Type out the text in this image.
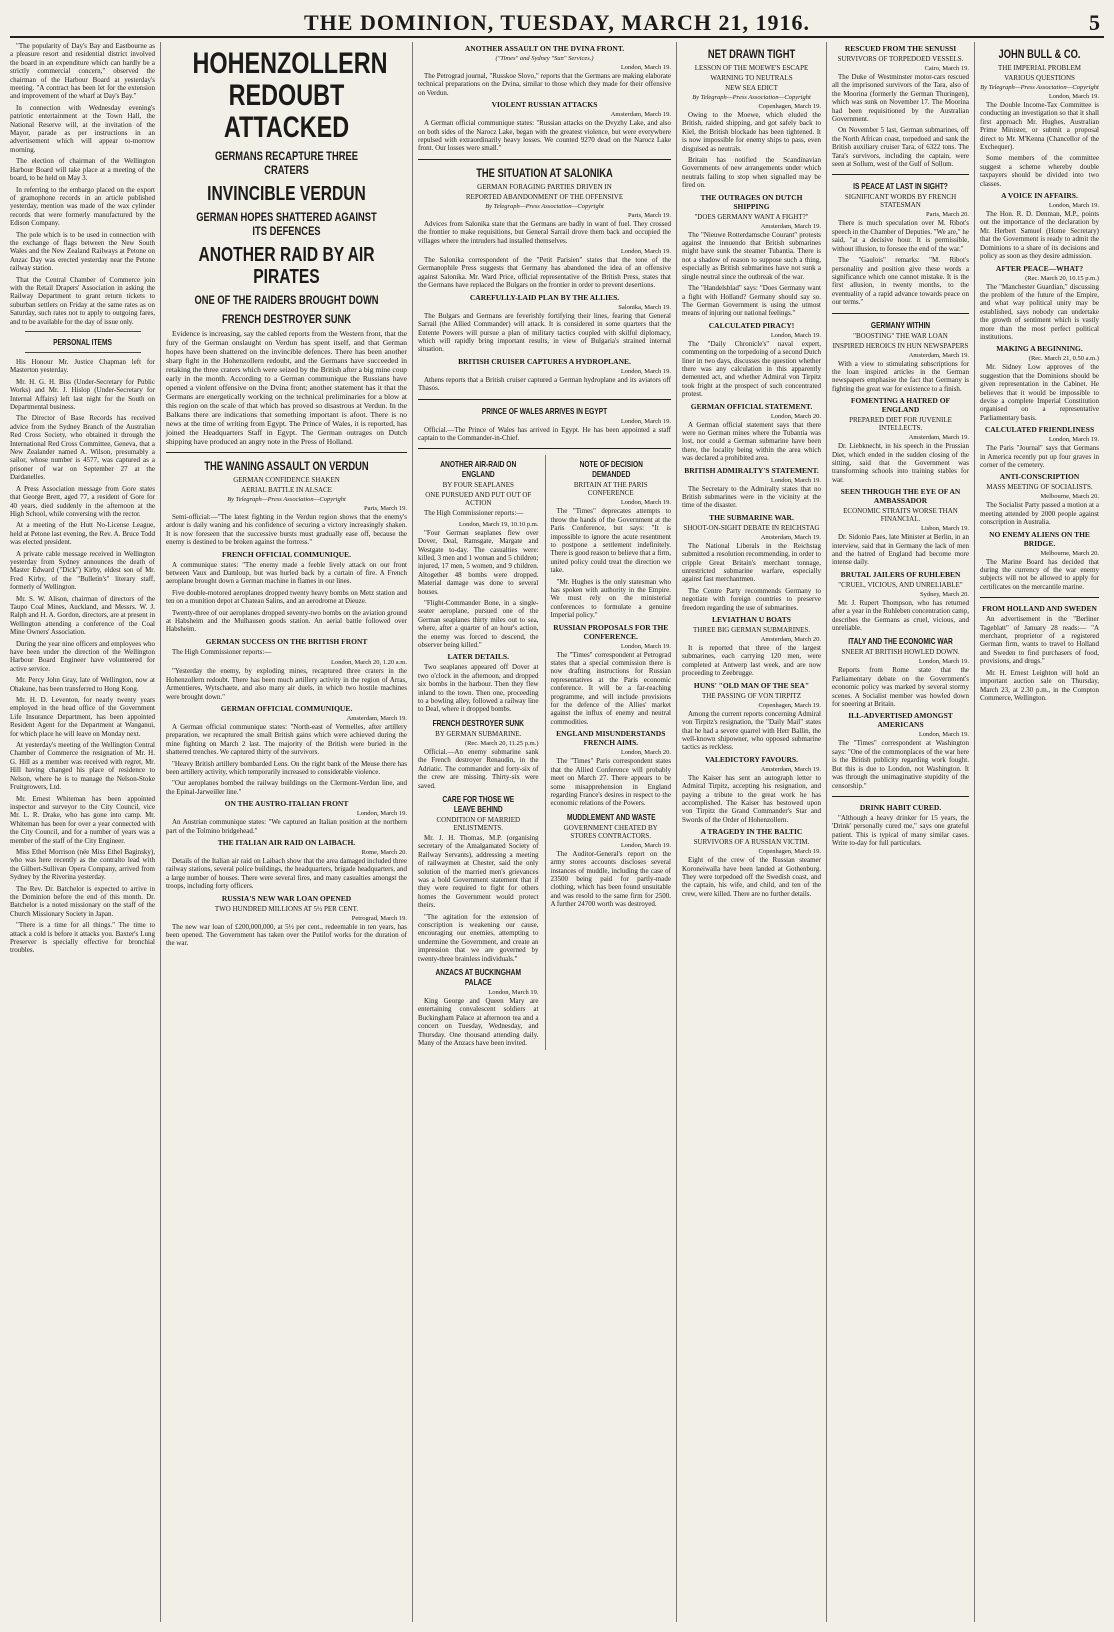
THE DOMINION, TUESDAY, MARCH 21, 1916.	5

"The popularity of Day's Bay and Eastbourne as a pleasure resort and residential district involved the board in an expenditure which can hardly be a strictly commercial concern," observed the chairman of the Harbour Board at yesterday's meeting. "A contract has been let for the extension and improvement of the wharf at Day's Bay."

In connection with Wednesday evening's patriotic entertainment at the Town Hall, the National Reserve will, at the invitation of the Mayor, parade as per instructions in an advertisement which will appear to-morrow morning.

The election of chairman of the Wellington Harbour Board will take place at a meeting of the board, to be held on May 3.

In referring to the embargo placed on the export of gramophone records in an article published yesterday, mention was made of the wax cylinder records that were formerly manufactured by the Edison Company.

The pole which is to be used in connection with the exchange of flags between the New South Wales and the New Zealand Railways at Petone on Anzac Day was erected yesterday near the Petone railway station.

That the Central Chamber of Commerce join with the Retail Drapers' Association in asking the Railway Department to grant return tickets to suburban settlers on Friday at the same rates as on Saturday, such rates not to apply to outgoing fares, and to be available for the day of issue only.

PERSONAL ITEMS

His Honour Mr. Justice Chapman left for Masterton yesterday.

Mr. H. G. H. Biss (Under-Secretary for Public Works) and Mr. J. Hislop (Under-Secretary for Internal Affairs) left last night for the South on Departmental business.

The Director of Base Records has received advice from the Sydney Branch of the Australian Red Cross Society, who obtained it through the International Red Cross Committee, Geneva, that a New Zealander named A. Wilson, presumably a sailor, whose number is 4577, was captured as a prisoner of war on September 27 at the Dardanelles.

A Press Association message from Gore states that George Brett, aged 77, a resident of Gore for 40 years, died suddenly in the afternoon at the High School, while conversing with the rector.

At a meeting of the Hutt No-License League, held at Petone last evening, the Rev. A. Bruce Todd was elected president.

A private cable message received in Wellington yesterday from Sydney announces the death of Master Edward ("Dick") Kirby, eldest son of Mr. Fred Kirby, of the "Bulletin's" literary staff, formerly of Wellington.

Mr. S. W. Alison, chairman of directors of the Taupo Coal Mines, Auckland, and Messrs. W. J. Ralph and H. A. Gordon, directors, are at present in Wellington attending a conference of the Coal Mine Owners' Association.

During the year nine officers and employees who have been under the direction of the Wellington Harbour Board Engineer have volunteered for active service.

Mr. Percy John Gray, late of Wellington, now at Ohakune, has been transferred to Hong Kong.

Mr. H. D. Leventon, for nearly twenty years employed in the head office of the Government Life Insurance Department, has been appointed Resident Agent for the Department at Wanganui, for which place he will leave on Monday next.

At yesterday's meeting of the Wellington Central Chamber of Commerce the resignation of Mr. H. G. Hill as a member was received with regret, Mr. Hill having changed his place of residence to Nelson, where he is to manage the Nelson-Stoke Fruitgrowers, Ltd.

Mr. Ernest Whiteman has been appointed inspector and surveyor to the City Council, vice Mr. L. R. Drake, who has gone into camp. Mr. Whiteman has been for over a year connected with the City Council, and for a number of years was a member of the staff of the City Engineer.

Miss Ethel Morrison (née Miss Ethel Baginsky), who was here recently as the contralto lead with the Gilbert-Sullivan Opera Company, arrived from Sydney by the Riverina yesterday.

The Rev. Dr. Batchelor is expected to arrive in the Dominion before the end of this month. Dr. Batchelor is a noted missionary on the staff of the Church Missionary Society in Japan.

"There is a time for all things." The time to attack a cold is before it attacks you. Baxter's Lung Preserver is specially effective for bronchial troubles.

HOHENZOLLERN REDOUBT ATTACKED
GERMANS RECAPTURE THREE CRATERS
INVINCIBLE VERDUN
GERMAN HOPES SHATTERED AGAINST ITS DEFENCES
ANOTHER RAID BY AIR PIRATES
ONE OF THE RAIDERS BROUGHT DOWN
FRENCH DESTROYER SUNK

Evidence is increasing, say the cabled reports from the Western front, that the fury of the German onslaught on Verdun has spent itself, and that German hopes have been shattered on the invincible defences. There has been another sharp fight in the Hohenzollern redoubt, and the Germans have succeeded in retaking the three craters which were seized by the British after a big mine coup early in the month. According to a German communique the Russians have opened a violent offensive on the Dvina front; another statement has it that the Germans are energetically working on the technical preliminaries for a blow at this region on the scale of that which has proved so disastrous at Verdun. In the Balkans there are indications that something important is afoot. There is no news at the time of writing from Egypt. The Prince of Wales, it is reported, has joined the Headquarters Staff in Egypt. The German outrages on Dutch shipping have produced an angry note in the Press of Holland.

THE WANING ASSAULT ON VERDUN
GERMAN CONFIDENCE SHAKEN
AERIAL BATTLE IN ALSACE
By Telegraph—Press Association—Copyright
Paris, March 19.

Semi-official:—"The latest fighting in the Verdun region shows that the enemy's ardour is daily waning and his confidence of securing a victory increasingly shaken. It is now foreseen that the successive bursts must gradually ease off, because the enemy is destined to be broken against the fortress."

FRENCH OFFICIAL COMMUNIQUE.

A communique states: "The enemy made a feeble lively attack on our front between Vaux and Damloup, but was hurled back by a curtain of fire. A French aeroplane brought down a German machine in flames in our lines.

Five double-motored aeroplanes dropped twenty heavy bombs on Metz station and ten on a munition depot at Chateau Salins, and an aerodrome at Dieuze.

Twenty-three of our aeroplanes dropped seventy-two bombs on the aviation ground at Habsheim and the Mulhausen goods station. An aerial battle followed over Habsheim.

GERMAN SUCCESS ON THE BRITISH FRONT

The High Commissioner reports:—

London, March 20, 1.20 a.m.

"Yesterday the enemy, by exploding mines, recaptured three craters in the Hohenzollern redoubt. There has been much artillery activity in the region of Arras, Armentieres, Wytschaete, and also many air duels, in which two hostile machines were brought down."

GERMAN OFFICIAL COMMUNIQUE.
Amsterdam, March 19.

A German official communique states: "North-east of Vermelles, after artillery preparation, we recaptured the small British gains which were achieved during the mine fighting on March 2 last. The majority of the British were buried in the shattered trenches. We captured thirty of the survivors.

"Heavy British artillery bombarded Lens. On the right bank of the Meuse there has been artillery activity, which temporarily increased to considerable violence.

"Our aeroplanes bombed the railway buildings on the Clermont-Verdun line, and the Epinal-Jarweiller line."

ON THE AUSTRO-ITALIAN FRONT
London, March 19.

An Austrian communique states: "We captured an Italian position at the northern part of the Tolmino bridgehead."

THE ITALIAN AIR RAID ON LAIBACH.
Rome, March 20.

Details of the Italian air raid on Laibach show that the area damaged included three railway stations, several police buildings, the headquarters, brigade headquarters, and a large number of houses. There were several fires, and many casualties amongst the troops, including forty officers.

RUSSIA'S NEW WAR LOAN OPENED
TWO HUNDRED MILLIONS AT 5½ PER CENT.
Petrograd, March 19.

The new war loan of £200,000,000, at 5½ per cent., redeemable in ten years, has been opened. The Government has taken over the Putilof works for the duration of the war.

ANOTHER ASSAULT ON THE DVINA FRONT.
("Times" and Sydney "Sun" Services.)
London, March 19.

The Petrograd journal, "Russkoe Slovo," reports that the Germans are making elaborate technical preparations on the Dvina, similar to those which they made for their offensive on Verdun.

VIOLENT RUSSIAN ATTACKS
Amsterdam, March 19.

A German official communique states: "Russian attacks on the Dvyzhy Lake, and also on both sides of the Narocz Lake, began with the greatest violence, but were everywhere repulsed with extraordinarily heavy losses. We counted 9270 dead on the Narocz Lake front. Our losses were small."

THE SITUATION AT SALONIKA
GERMAN FORAGING PARTIES DRIVEN IN
REPORTED ABANDONMENT OF THE OFFENSIVE
By Telegraph—Press Association—Copyright
Paris, March 19.

Advices from Salonika state that the Germans are badly in want of fuel. They crossed the frontier to make requisitions, but General Sarrail drove them back and occupied the villages where the intruders had installed themselves.

London, March 19.

The Salonika correspondent of the "Petit Parisien" states that the tone of the Germanophile Press suggests that Germany has abandoned the idea of an offensive against Salonika. Mr. Ward Price, official representative of the British Press, states that the Germans have replaced the Bulgars on the frontier in order to prevent desertions.

CAREFULLY-LAID PLAN BY THE ALLIES.
Salonika, March 19.

The Bulgars and Germans are feverishly fortifying their lines, fearing that General Sarrail (the Allied Commander) will attack. It is considered in some quarters that the Entente Powers will pursue a plan of military tactics coupled with skilful diplomacy, which will rapidly bring important results, in view of Bulgaria's strained internal situation.

BRITISH CRUISER CAPTURES A HYDROPLANE.
London, March 19.

Athens reports that a British cruiser captured a German hydroplane and its aviators off Thasos.

PRINCE OF WALES ARRIVES IN EGYPT
London, March 19.

Official.—The Prince of Wales has arrived in Egypt. He has been appointed a staff captain to the Commander-in-Chief.

ANOTHER AIR-RAID ON ENGLAND
BY FOUR SEAPLANES
ONE PURSUED AND PUT OUT OF ACTION

The High Commissioner reports:—

London, March 19, 10.10 p.m.

"Four German seaplanes flew over Dover, Deal, Ramsgate, Margate and Westgate to-day. The casualties were: killed, 3 men and 1 woman and 5 children; injured, 17 men, 5 women, and 9 children. Altogether 48 bombs were dropped. Material damage was done to several houses.

"Flight-Commander Bone, in a single-seater aeroplane, pursued one of the German seaplanes thirty miles out to sea, where, after a quarter of an hour's action, the enemy was forced to descend, the observer being killed."

LATER DETAILS.

Two seaplanes appeared off Dover at two o'clock in the afternoon, and dropped six bombs in the harbour. Then they flew inland to the town. Then one, proceeding to a bowling alley, followed a railway line to Deal, where it dropped bombs.

FRENCH DESTROYER SUNK
BY GERMAN SUBMARINE.
(Rec. March 20, 11.25 p.m.)

Official.—An enemy submarine sank the French destroyer Renaudin, in the Adriatic. The commander and forty-six of the crew are missing. Thirty-six were saved.

CARE FOR THOSE WE LEAVE BEHIND
CONDITION OF MARRIED ENLISTMENTS.

Mr. J. H. Thomas, M.P. (organising secretary of the Amalgamated Society of Railway Servants), addressing a meeting of railwaymen at Chester, said the only solution of the married men's grievances was a bold Government statement that if they were required to fight for others homes the Government would protect theirs.

"The agitation for the extension of conscription is weakening our cause, encouraging our enemies, attempting to undermine the Government, and create an impression that we are governed by twenty-three brainless individuals."

ANZACS AT BUCKINGHAM PALACE
London, March 19.

King George and Queen Mary are entertaining convalescent soldiers at Buckingham Palace at afternoon tea and a concert on Tuesday, Wednesday, and Thursday. One thousand attending daily. Many of the Anzacs have been invited.

NOTE OF DECISION DEMANDED
BRITAIN AT THE PARIS CONFERENCE
London, March 19.

The "Times" deprecates attempts to throw the hands of the Government at the Paris Conference, but says: "It is impossible to ignore the acute resentment to postpone a settlement indefinitely. There is good reason to believe that a firm, united policy could treat the direction we take.

"Mr. Hughes is the only statesman who has spoken with authority in the Empire. We must rely on the ministerial conferences to formulate a genuine Imperial policy."

RUSSIAN PROPOSALS FOR THE CONFERENCE.
London, March 19.

The "Times" correspondent at Petrograd states that a special commission there is now drafting instructions for Russian representatives at the Paris economic conference. It will be a far-reaching programme, and will include provisions for the defence of the Allies' market against the influx of enemy and neutral commodities.

ENGLAND MISUNDERSTANDS FRENCH AIMS.
London, March 20.

The "Times" Paris correspondent states that the Allied Conference will probably meet on March 27. There appears to be some misapprehension in England regarding France's desires in respect to the economic relations of the Powers.

MUDDLEMENT AND WASTE
GOVERNMENT CHEATED BY STORES CONTRACTORS.
London, March 19.

The Auditor-General's report on the army stores accounts discloses several instances of muddle, including the case of 23500 being paid for partly-made clothing, which has been found unsuitable and was resold to the same firm for 2500. A further 24700 worth was destroyed.

NET DRAWN TIGHT
LESSON OF THE MOEWE'S ESCAPE
WARNING TO NEUTRALS
NEW SEA EDICT
By Telegraph—Press Association—Copyright
Copenhagen, March 19.

Owing to the Moewe, which eluded the British, raided shipping, and got safely back to Kiel, the British blockade has been tightened. It is now impossible for enemy ships to pass, even disguised as neutrals.

Britain has notified the Scandinavian Governments of new arrangements under which neutrals failing to stop when signalled may be fired on.

THE OUTRAGES ON DUTCH SHIPPING
"DOES GERMANY WANT A FIGHT?"
Amsterdam, March 19.

The "Nieuwe Rotterdamsche Courant" protests against the innuendo that British submarines might have sunk the steamer Tubantia. There is not a shadow of reason to suppose such a thing, especially as British submarines have not sunk a single neutral since the outbreak of the war.

The "Handelsblad" says: "Does Germany want a fight with Holland? Germany should say so. The German Government is using the utmost means of injuring our national feelings."

CALCULATED PIRACY!
London, March 19.

The "Daily Chronicle's" naval expert, commenting on the torpedoing of a second Dutch liner in two days, discusses the question whether there was any calculation in this apparently demented act, and whether Admiral von Tirpitz took fright at the prospect of such concentrated protest.

GERMAN OFFICIAL STATEMENT.
London, March 20.

A German official statement says that there were no German mines where the Tubantia was lost, nor could a German submarine have been there, the locality being within the area which was declared a prohibited area.

BRITISH ADMIRALTY'S STATEMENT.
London, March 19.

The Secretary to the Admiralty states that no British submarines were in the vicinity at the time of the disaster.

THE SUBMARINE WAR.
SHOOT-ON-SIGHT DEBATE IN REICHSTAG
Amsterdam, March 19.

The National Liberals in the Reichstag submitted a resolution recommending, in order to cripple Great Britain's merchant tonnage, unrestricted submarine warfare, especially against fast merchantmen.

The Centre Party recommends Germany to negotiate with foreign countries to preserve freedom regarding the use of submarines.

LEVIATHAN U BOATS
THREE BIG GERMAN SUBMARINES.
Amsterdam, March 20.

It is reported that three of the largest submarines, each carrying 120 men, were completed at Antwerp last week, and are now proceeding to Zeebrugge.

HUNS' "OLD MAN OF THE SEA"
THE PASSING OF VON TIRPITZ
Copenhagen, March 19.

Among the current reports concerning Admiral von Tirpitz's resignation, the "Daily Mail" states that he had a severe quarrel with Herr Ballin, the well-known shipowner, who opposed submarine tactics as reckless.

VALEDICTORY FAVOURS.
Amsterdam, March 19.

The Kaiser has sent an autograph letter to Admiral Tirpitz, accepting his resignation, and paying a tribute to the great work he has accomplished. The Kaiser has bestowed upon von Tirpitz the Grand Commander's Star and Swords of the Order of Hohenzollern.

A TRAGEDY IN THE BALTIC
SURVIVORS OF A RUSSIAN VICTIM.
Copenhagen, March 19.

Eight of the crew of the Russian steamer Koroneiwalla have been landed at Gothenburg. They were torpedoed off the Swedish coast, and the captain, his wife, and child, and ten of the crew, were killed. There are no further details.

RESCUED FROM THE SENUSSI
SURVIVORS OF TORPEDOED VESSELS.
Cairo, March 19.

The Duke of Westminster motor-cars rescued all the imprisoned survivors of the Tara, also of the Moorina (formerly the German Thuringen), which was sunk on November 17. The Moorina had been requisitioned by the Australian Government.

On November 5 last, German submarines, off the North African coast, torpedoed and sank the British auxiliary cruiser Tara, of 6322 tons. The Tara's survivors, including the captain, were seen at Sollum, west of the Gulf of Sollum.

IS PEACE AT LAST IN SIGHT?
SIGNIFICANT WORDS BY FRENCH STATESMAN
Paris, March 20.

There is much speculation over M. Ribot's speech in the Chamber of Deputies. "We are," he said, "at a decisive hour. It is permissible, without illusion, to foresee the end of the war."

The "Gaulois" remarks: "M. Ribot's personality and position give these words a significance which one cannot mistake. It is the first allusion, in twenty months, to the eventuality of a rapid advance towards peace on our terms."

GERMANY WITHIN
"BOOSTING" THE WAR LOAN
INSPIRED HEROICS IN HUN NEWSPAPERS
Amsterdam, March 19.

With a view to stimulating subscriptions for the loan inspired articles in the German newspapers emphasise the fact that Germany is fighting the great war for existence to a finish.

FOMENTING A HATRED OF ENGLAND
PREPARED DIET FOR JUVENILE INTELLECTS.
Amsterdam, March 19.

Dr. Liebknecht, in his speech in the Prussian Diet, which ended in the sudden closing of the sitting, said that the Government was transforming schools into training stables for war.

SEEN THROUGH THE EYE OF AN AMBASSADOR
ECONOMIC STRAITS WORSE THAN FINANCIAL.
Lisbon, March 19.

Dr. Sidonio Paes, late Minister at Berlin, in an interview, said that in Germany the lack of men and the hatred of England had become more intense daily.

BRUTAL JAILERS OF RUHLEBEN
"CRUEL, VICIOUS, AND UNRELIABLE"
Sydney, March 20.

Mr. J. Rupert Thompson, who has returned after a year in the Ruhleben concentration camp, describes the Germans as cruel, vicious, and unreliable.

ITALY AND THE ECONOMIC WAR
SNEER AT BRITISH HOWLED DOWN.
London, March 19.

Reports from Rome state that the Parliamentary debate on the Government's economic policy was marked by several stormy scenes. A Socialist member was howled down for sneering at Britain.

ILL-ADVERTISED AMONGST AMERICANS
London, March 19.

The "Times" correspondent at Washington says: "One of the commonplaces of the war here is the British publicity regarding work fought. But this is due to London, not Washington. It was through the unimaginative stupidity of the censorship."

DRINK HABIT CURED.

"Although a heavy drinker for 15 years, the 'Drink' personally cured me," says one grateful patient. This is typical of many similar cases. Write to-day for full particulars.

JOHN BULL & CO.
THE IMPERIAL PROBLEM
VARIOUS QUESTIONS
By Telegraph—Press Association—Copyright
London, March 19.

The Double Income-Tax Committee is conducting an investigation so that it shall first approach Mr. Hughes, Australian Prime Minister, or submit a proposal direct to Mr. M'Kenna (Chancellor of the Exchequer).

Some members of the committee suggest a scheme whereby double taxpayers should be divided into two classes.

A VOICE IN AFFAIRS.
London, March 19.

The Hon. R. D. Denman, M.P., points out the importance of the declaration by Mr. Herbert Samuel (Home Secretary) that the Government is ready to admit the Dominions to a share of its decisions and policy as soon as they desire admission.

AFTER PEACE—WHAT?
(Rec. March 20, 10.15 p.m.)

The "Manchester Guardian," discussing the problem of the future of the Empire, and what way political unity may be established, says nobody can undertake the growth of sentiment which is vastly more than the most perfect political institutions.

MAKING A BEGINNING.
(Rec. March 21, 0.50 a.m.)

Mr. Sidney Low approves of the suggestion that the Dominions should be given representation in the Cabinet. He believes that it would be impossible to devise a complete Imperial Constitution organised on a representative Parliamentary basis.

CALCULATED FRIENDLINESS
London, March 19.

The Paris "Journal" says that Germans in America recently put up four graves in corner of the cemetery.

ANTI-CONSCRIPTION
MASS MEETING OF SOCIALISTS.
Melbourne, March 20.

The Socialist Party passed a motion at a meeting attended by 2000 people against conscription in Australia.

NO ENEMY ALIENS ON THE BRIDGE.
Melbourne, March 20.

The Marine Board has decided that during the currency of the war enemy subjects will not be allowed to apply for certificates on the mercantile marine.

FROM HOLLAND AND SWEDEN

An advertisement in the "Berliner Tageblatt" of January 28 reads:— "A merchant, proprietor of a registered German firm, wants to travel to Holland and Sweden to find purchasers of food, provisions, and drugs."

Mr. H. Ernest Leighton will hold an important auction sale on Thursday, March 23, at 2.30 p.m., in the Compton Commerce, Wellington.
